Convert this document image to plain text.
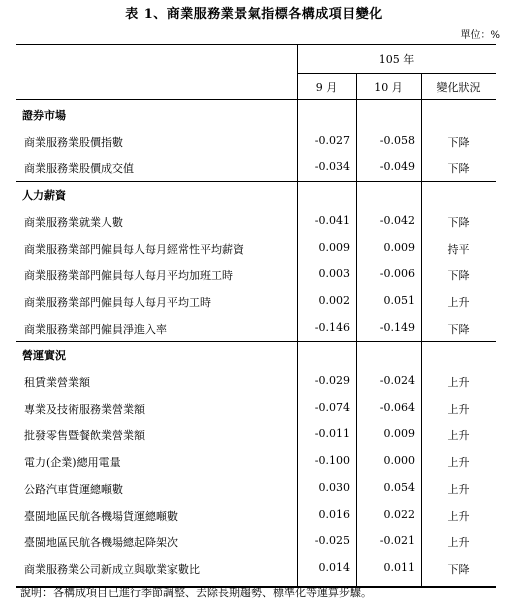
表 1、商業服務業景氣指標各構成項目變化
單位：%
105 年
9 月	10 月	變化狀況
證券市場
商業服務業股價指數	-0.027	-0.058	下降
商業服務業股價成交值	-0.034	-0.049	下降
人力薪資
商業服務業就業人數	-0.041	-0.042	下降
商業服務業部門僱員每人每月經常性平均薪資	0.009	0.009	持平
商業服務業部門僱員每人每月平均加班工時	0.003	-0.006	下降
商業服務業部門僱員每人每月平均工時	0.002	0.051	上升
商業服務業部門僱員淨進入率	-0.146	-0.149	下降
營運實況
租賃業營業額	-0.029	-0.024	上升
專業及技術服務業營業額	-0.074	-0.064	上升
批發零售暨餐飲業營業額	-0.011	0.009	上升
電力(企業)總用電量	-0.100	0.000	上升
公路汽車貨運總噸數	0.030	0.054	上升
臺閩地區民航各機場貨運總噸數	0.016	0.022	上升
臺閩地區民航各機場總起降架次	-0.025	-0.021	上升
商業服務業公司新成立與歇業家數比	0.014	0.011	下降
說明：各構成項目已進行季節調整、去除長期趨勢、標準化等運算步驟。
